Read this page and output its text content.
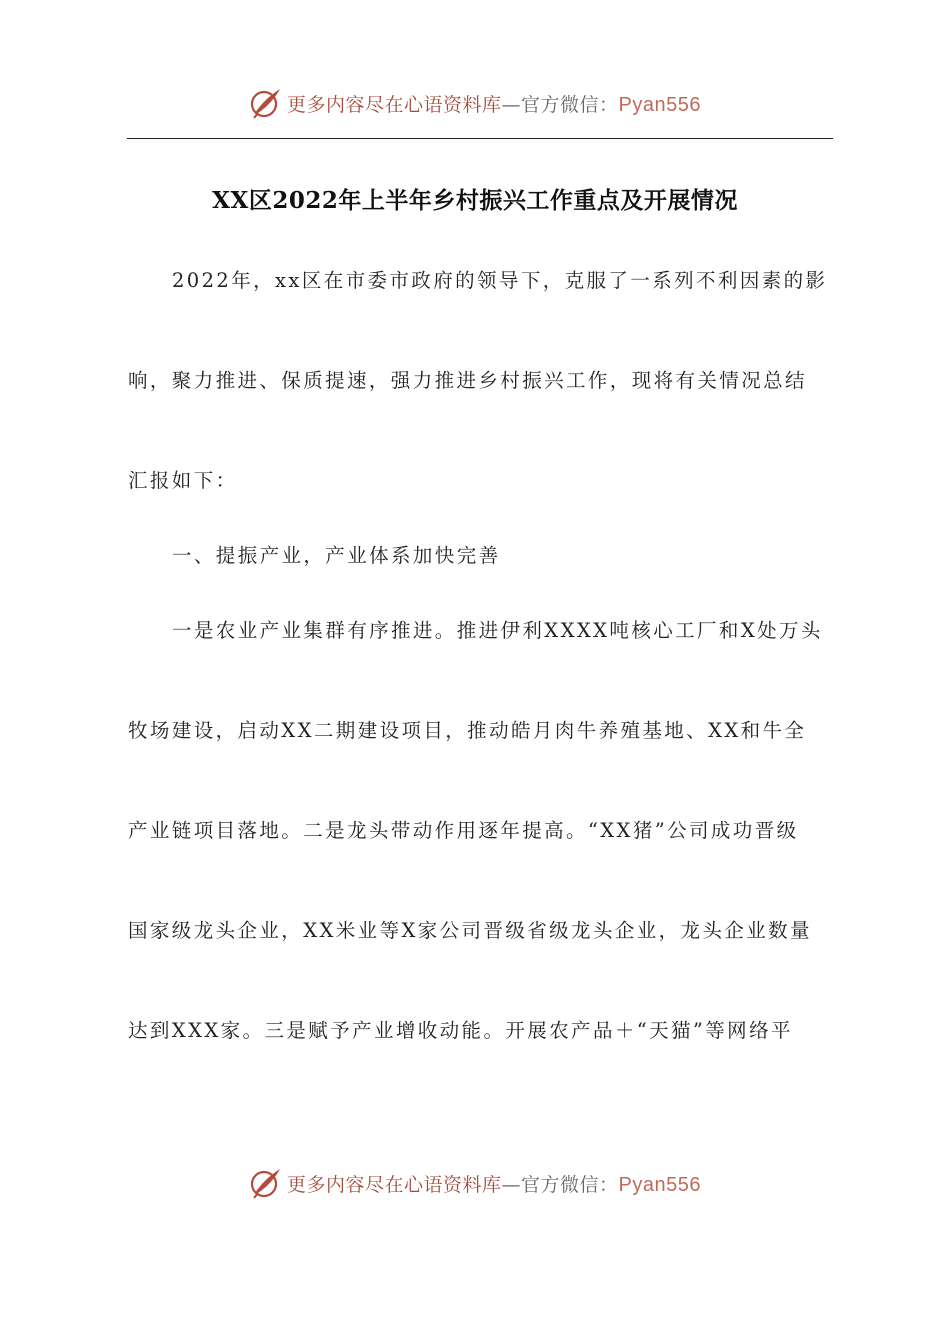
更多内容尽在心语资料库—官方微信：Pyan556
XX区2022年上半年乡村振兴工作重点及开展情况
2022年，xx区在市委市政府的领导下，克服了一系列不利因素的影
响，聚力推进、保质提速，强力推进乡村振兴工作，现将有关情况总结
汇报如下：
一、提振产业，产业体系加快完善
一是农业产业集群有序推进。推进伊利XXXX吨核心工厂和X处万头
牧场建设，启动XX二期建设项目，推动皓月肉牛养殖基地、XX和牛全
产业链项目落地。二是龙头带动作用逐年提高。“XX猪”公司成功晋级
国家级龙头企业，XX米业等X家公司晋级省级龙头企业，龙头企业数量
达到XXX家。三是赋予产业增收动能。开展农产品＋“天猫”等网络平
更多内容尽在心语资料库—官方微信：Pyan556
